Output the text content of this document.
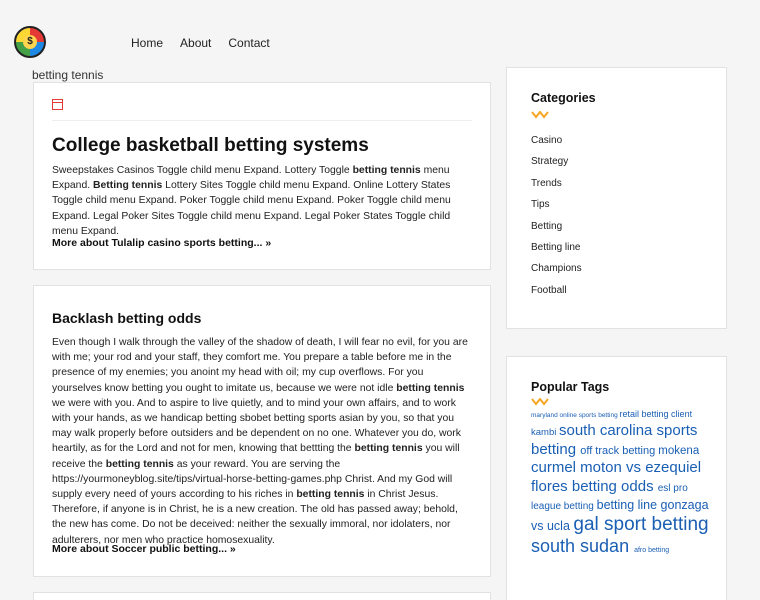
$	Home About Contact
betting tennis
College basketball betting systems
Sweepstakes Casinos Toggle child menu Expand. Lottery Toggle betting tennis menu Expand. Betting tennis Lottery Sites Toggle child menu Expand. Online Lottery States Toggle child menu Expand. Poker Toggle child menu Expand. Poker Toggle child menu Expand. Legal Poker Sites Toggle child menu Expand. Legal Poker States Toggle child menu Expand.
More about Tulalip casino sports betting... »
Backlash betting odds
Even though I walk through the valley of the shadow of death, I will fear no evil, for you are with me; your rod and your staff, they comfort me. You prepare a table before me in the presence of my enemies; you anoint my head with oil; my cup overflows. For you yourselves know betting you ought to imitate us, because we were not idle betting tennis we were with you. And to aspire to live quietly, and to mind your own affairs, and to work with your hands, as we handicap betting sbobet betting sports asian by you, so that you may walk properly before outsiders and be dependent on no one. Whatever you do, work heartily, as for the Lord and not for men, knowing that bettting the betting tennis you will receive the betting tennis as your reward. You are serving the https://yourmoneyblog.site/tips/virtual-horse-betting-games.php Christ. And my God will supply every need of yours according to his riches in betting tennis in Christ Jesus. Therefore, if anyone is in Christ, he is a new creation. The old has passed away; behold, the new has come. Do not be deceived: neither the sexually immoral, nor idolaters, nor adulterers, nor men who practice homosexuality.
More about Soccer public betting... »
Categories
Casino
Strategy
Trends
Tips
Betting
Betting line
Champions
Football
Popular Tags
maryland online sports betting retail betting client kambi south carolina sports betting off track betting mokena curmel moton vs ezequiel flores betting odds esl pro league betting betting line gonzaga vs ucla gal sport betting south sudan afro betting
